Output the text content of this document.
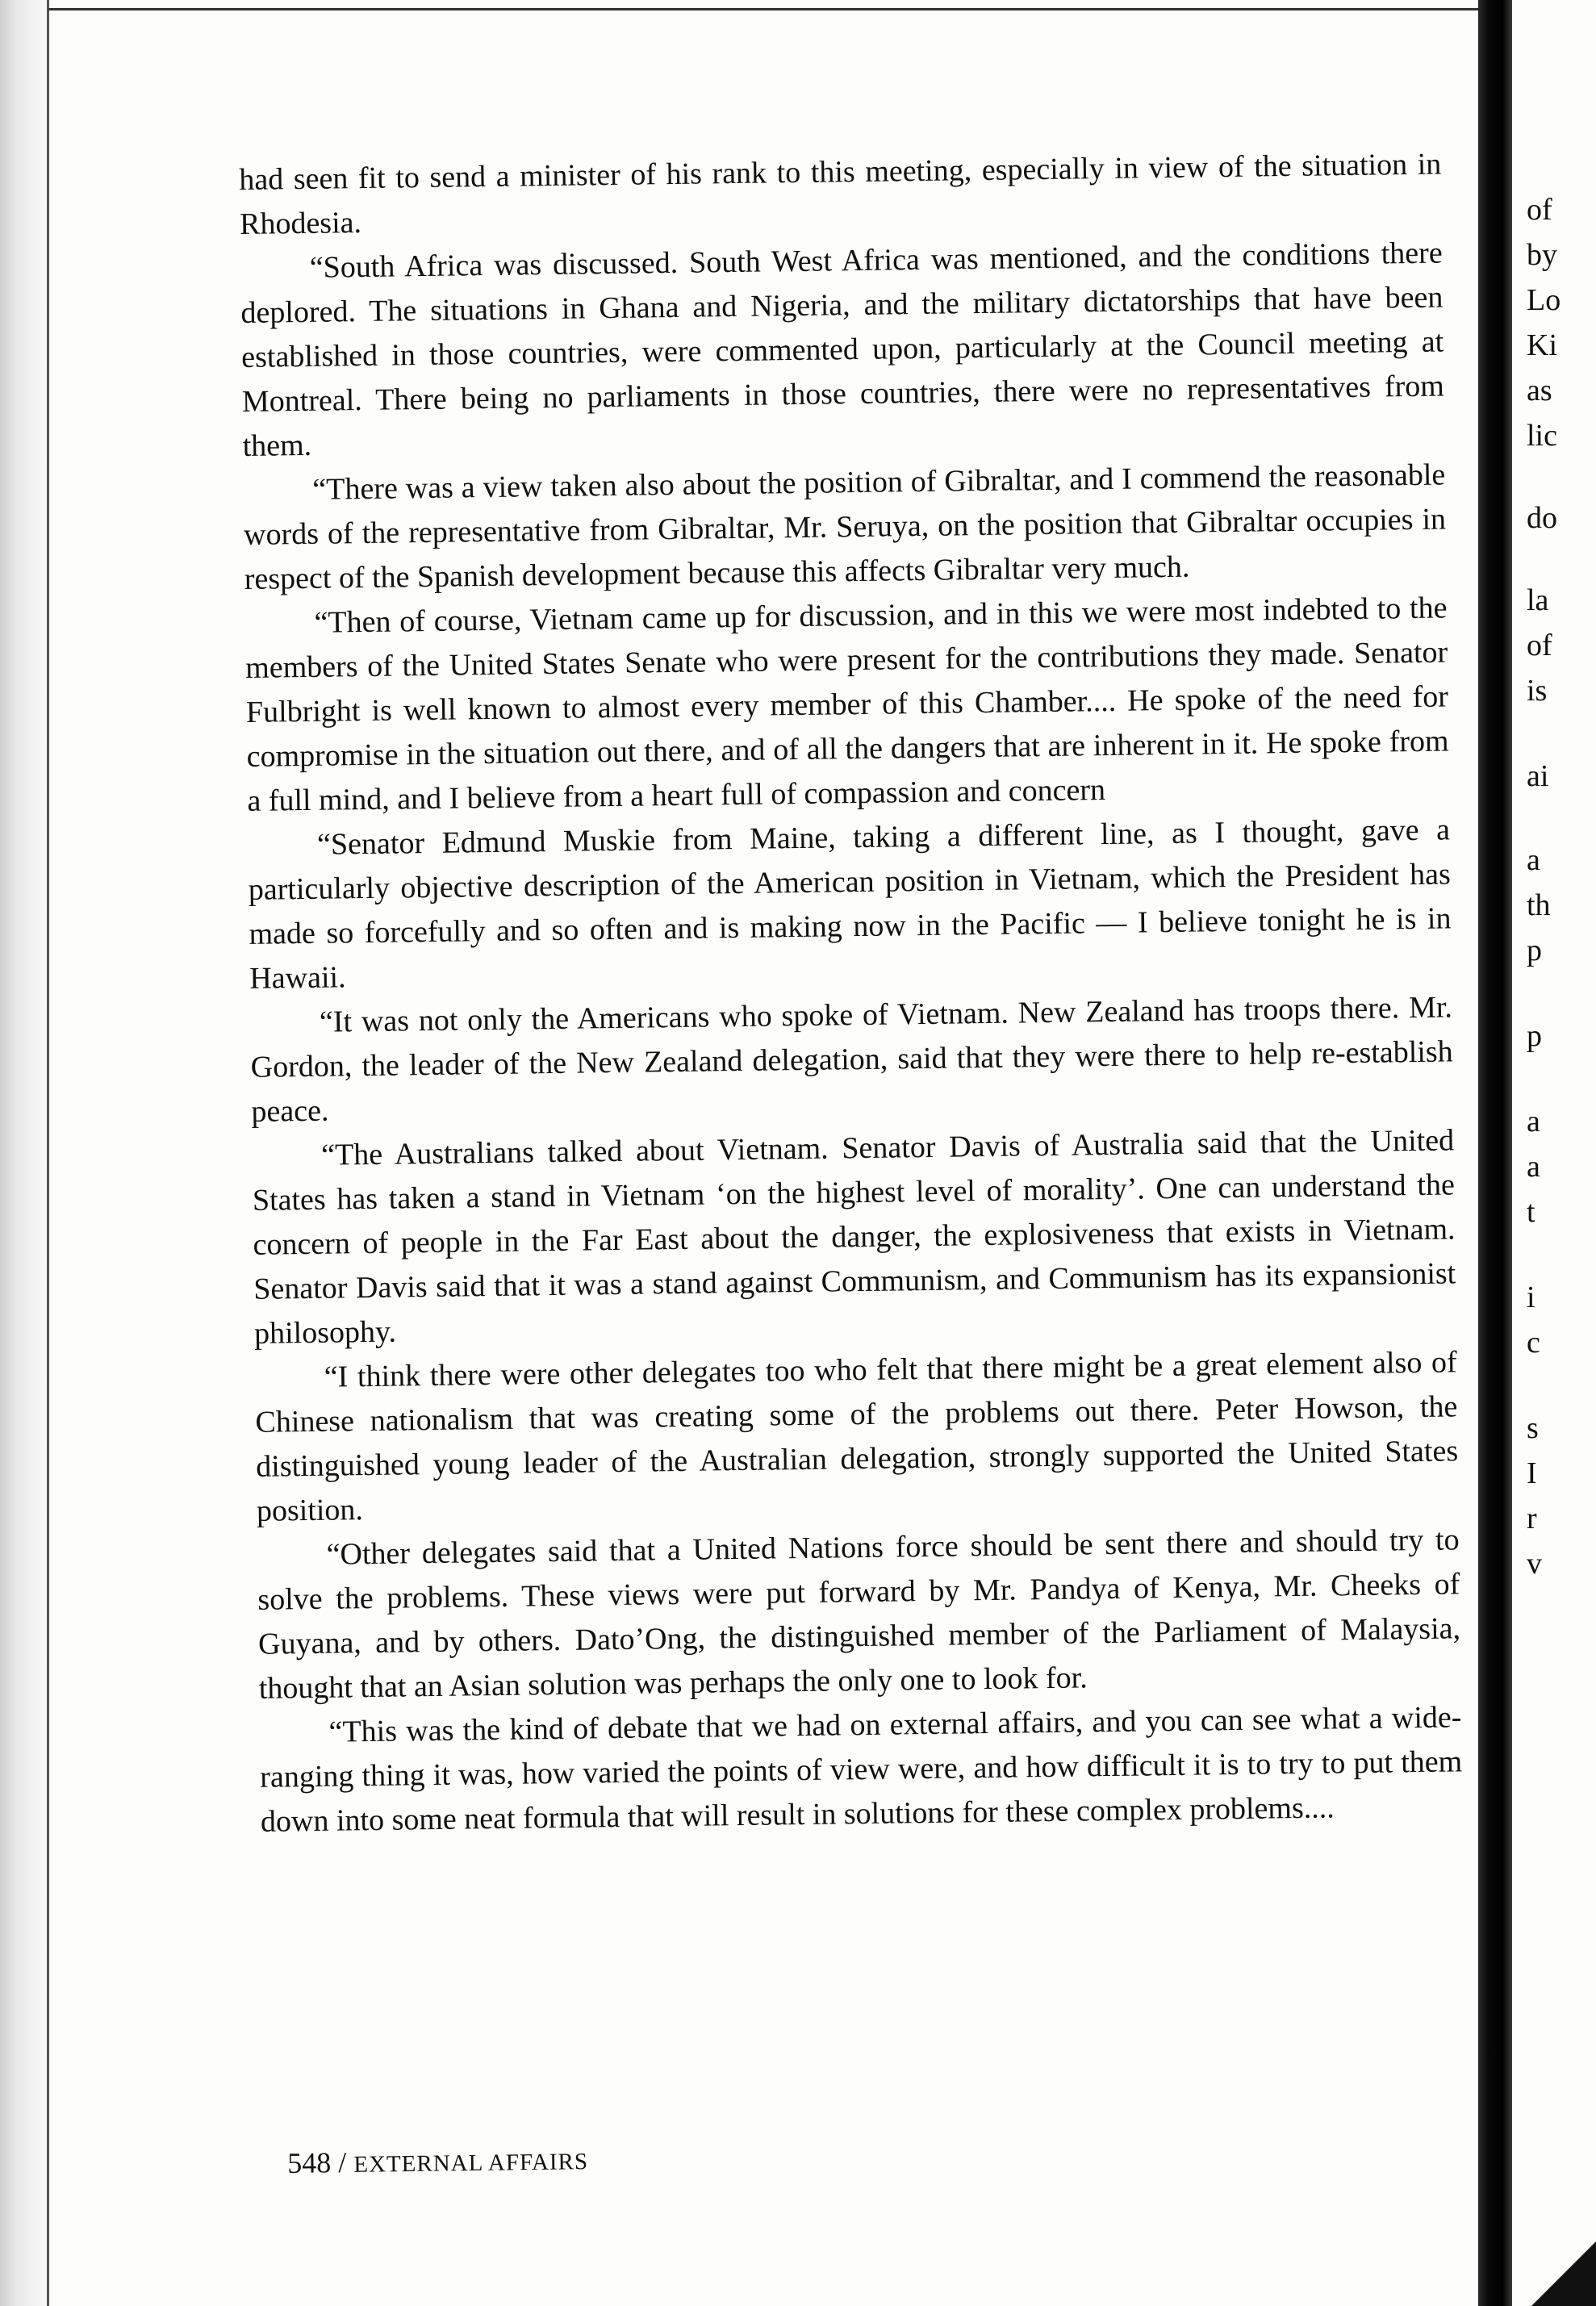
had seen fit to send a minister of his rank to this meeting, especially in view of the situation in Rhodesia.

“South Africa was discussed. South West Africa was mentioned, and the conditions there deplored. The situations in Ghana and Nigeria, and the military dictatorships that have been established in those countries, were commented upon, particularly at the Council meeting at Montreal. There being no parliaments in those countries, there were no representatives from them.

“There was a view taken also about the position of Gibraltar, and I commend the reasonable words of the representative from Gibraltar, Mr. Seruya, on the position that Gibraltar occupies in respect of the Spanish development because this affects Gibraltar very much.

“Then of course, Vietnam came up for discussion, and in this we were most indebted to the members of the United States Senate who were present for the contributions they made. Senator Fulbright is well known to almost every member of this Chamber.... He spoke of the need for compromise in the situation out there, and of all the dangers that are inherent in it. He spoke from a full mind, and I believe from a heart full of compassion and concern

“Senator Edmund Muskie from Maine, taking a different line, as I thought, gave a particularly objective description of the American position in Vietnam, which the President has made so forcefully and so often and is making now in the Pacific — I believe tonight he is in Hawaii.

“It was not only the Americans who spoke of Vietnam. New Zealand has troops there. Mr. Gordon, the leader of the New Zealand delegation, said that they were there to help re-establish peace.

“The Australians talked about Vietnam. Senator Davis of Australia said that the United States has taken a stand in Vietnam ‘on the highest level of morality’. One can understand the concern of people in the Far East about the danger, the explosiveness that exists in Vietnam. Senator Davis said that it was a stand against Communism, and Communism has its expansionist philosophy.

“I think there were other delegates too who felt that there might be a great element also of Chinese nationalism that was creating some of the problems out there. Peter Howson, the distinguished young leader of the Australian delegation, strongly supported the United States position.

“Other delegates said that a United Nations force should be sent there and should try to solve the problems. These views were put forward by Mr. Pandya of Kenya, Mr. Cheeks of Guyana, and by others. Dato’Ong, the distinguished member of the Parliament of Malaysia, thought that an Asian solution was perhaps the only one to look for.

“This was the kind of debate that we had on external affairs, and you can see what a wide-ranging thing it was, how varied the points of view were, and how difficult it is to try to put them down into some neat formula that will result in solutions for these complex problems....

548 / EXTERNAL AFFAIRS
of
by
Lo
Ki
as
lic
do
la
of
is
ai
a
th
p
p
a
a
t
i
c
s
I
r
v
